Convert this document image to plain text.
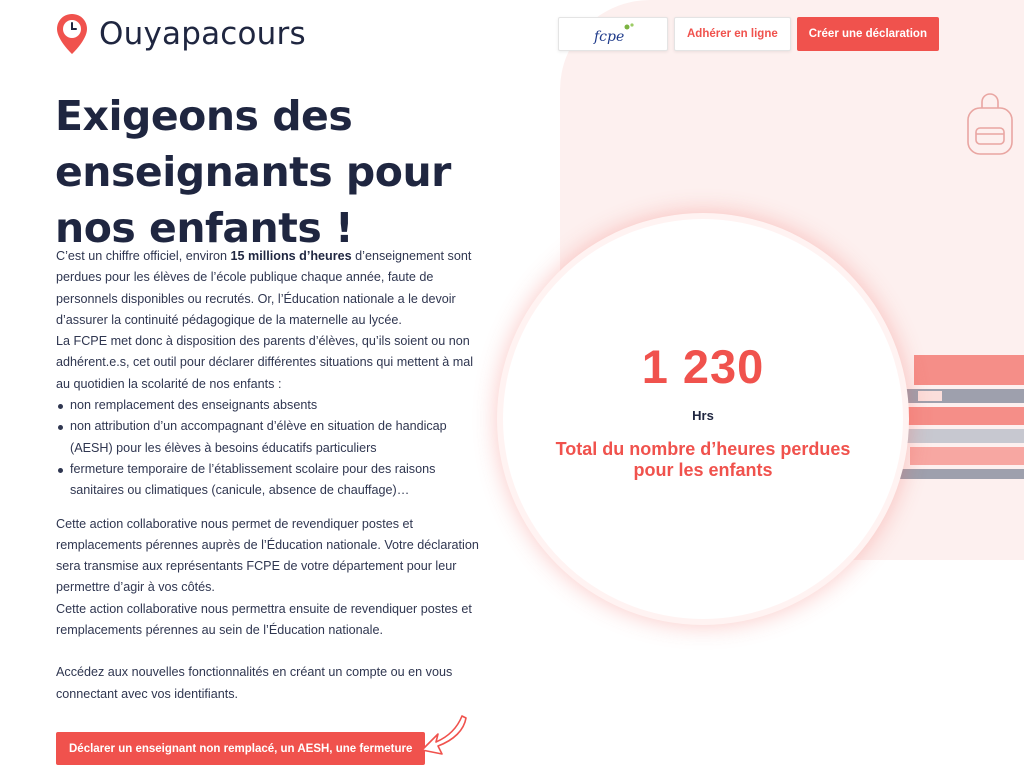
Ouyapacours	fcpe	Adhérer en ligne	Créer une déclaration
Exigeons des enseignants pour nos enfants !

C’est un chiffre officiel, environ 15 millions d’heures d’enseignement sont perdues pour les élèves de l’école publique chaque année, faute de personnels disponibles ou recrutés. Or, l’Éducation nationale a le devoir d’assurer la continuité pédagogique de la maternelle au lycée.

La FCPE met donc à disposition des parents d’élèves, qu’ils soient ou non adhérent.e.s, cet outil pour déclarer différentes situations qui mettent à mal au quotidien la scolarité de nos enfants :

non remplacement des enseignants absents
non attribution d’un accompagnant d’élève en situation de handicap (AESH) pour les élèves à besoins éducatifs particuliers
fermeture temporaire de l’établissement scolaire pour des raisons sanitaires ou climatiques (canicule, absence de chauffage)…

Cette action collaborative nous permet de revendiquer postes et remplacements pérennes auprès de l’Éducation nationale. Votre déclaration sera transmise aux représentants FCPE de votre département pour leur permettre d’agir à vos côtés.

Cette action collaborative nous permettra ensuite de revendiquer postes et remplacements pérennes au sein de l’Éducation nationale.

Accédez aux nouvelles fonctionnalités en créant un compte ou en vous connectant avec vos identifiants.

Déclarer un enseignant non remplacé, un AESH, une fermeture
1 230
Hrs
Total du nombre d’heures perdues pour les enfants
